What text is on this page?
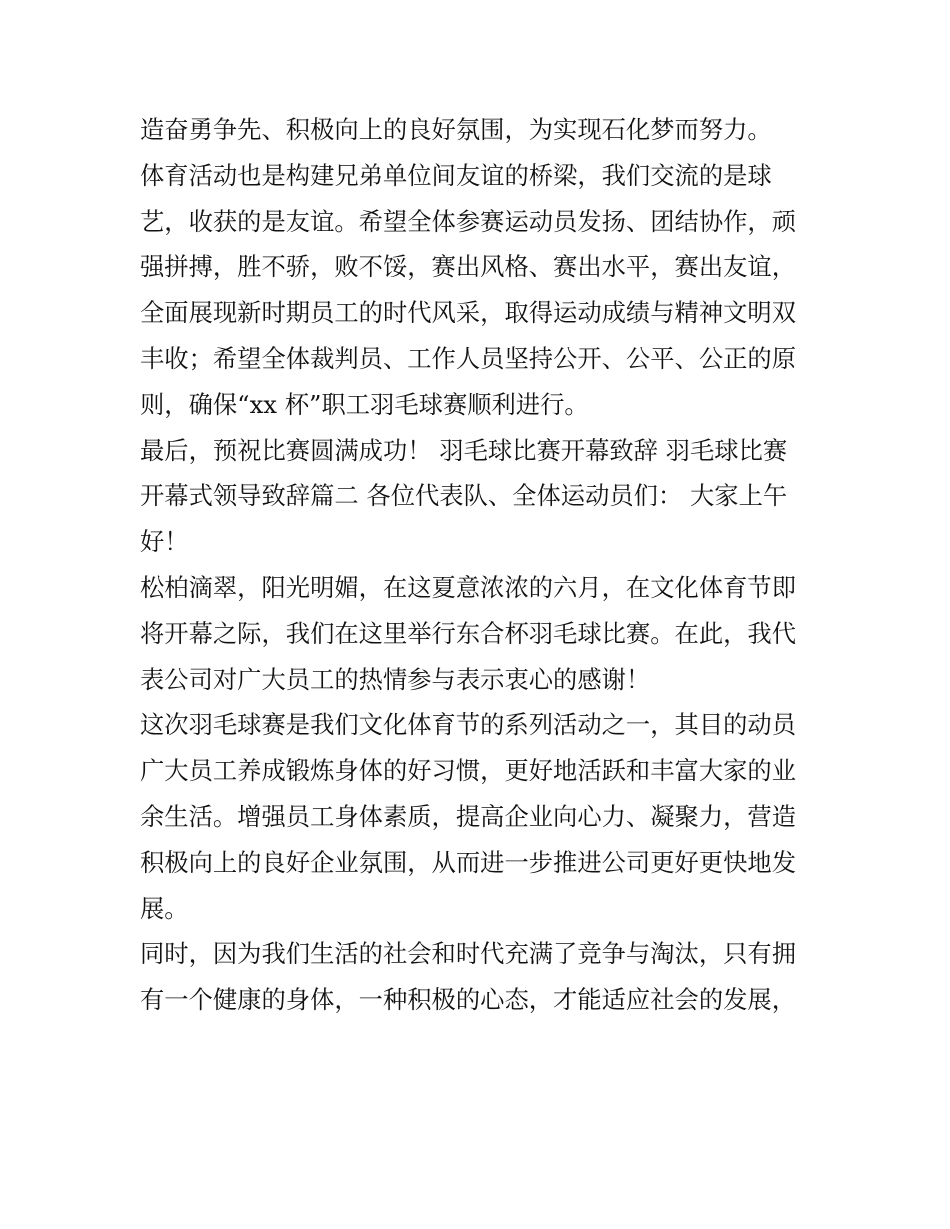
造奋勇争先、积极向上的良好氛围，为实现石化梦而努力。
体育活动也是构建兄弟单位间友谊的桥梁，我们交流的是球
艺，收获的是友谊。希望全体参赛运动员发扬、团结协作，顽
强拼搏，胜不骄，败不馁，赛出风格、赛出水平，赛出友谊，
全面展现新时期员工的时代风采，取得运动成绩与精神文明双
丰收；希望全体裁判员、工作人员坚持公开、公平、公正的原
则，确保“xx 杯”职工羽毛球赛顺利进行。
最后，预祝比赛圆满成功！ 羽毛球比赛开幕致辞 羽毛球比赛
开幕式领导致辞篇二 各位代表队、全体运动员们： 大家上午
好！
松柏滴翠，阳光明媚，在这夏意浓浓的六月，在文化体育节即
将开幕之际，我们在这里举行东合杯羽毛球比赛。在此，我代
表公司对广大员工的热情参与表示衷心的感谢！
这次羽毛球赛是我们文化体育节的系列活动之一，其目的动员
广大员工养成锻炼身体的好习惯，更好地活跃和丰富大家的业
余生活。增强员工身体素质，提高企业向心力、凝聚力，营造
积极向上的良好企业氛围，从而进一步推进公司更好更快地发
展。
同时，因为我们生活的社会和时代充满了竞争与淘汰，只有拥
有一个健康的身体，一种积极的心态，才能适应社会的发展，
